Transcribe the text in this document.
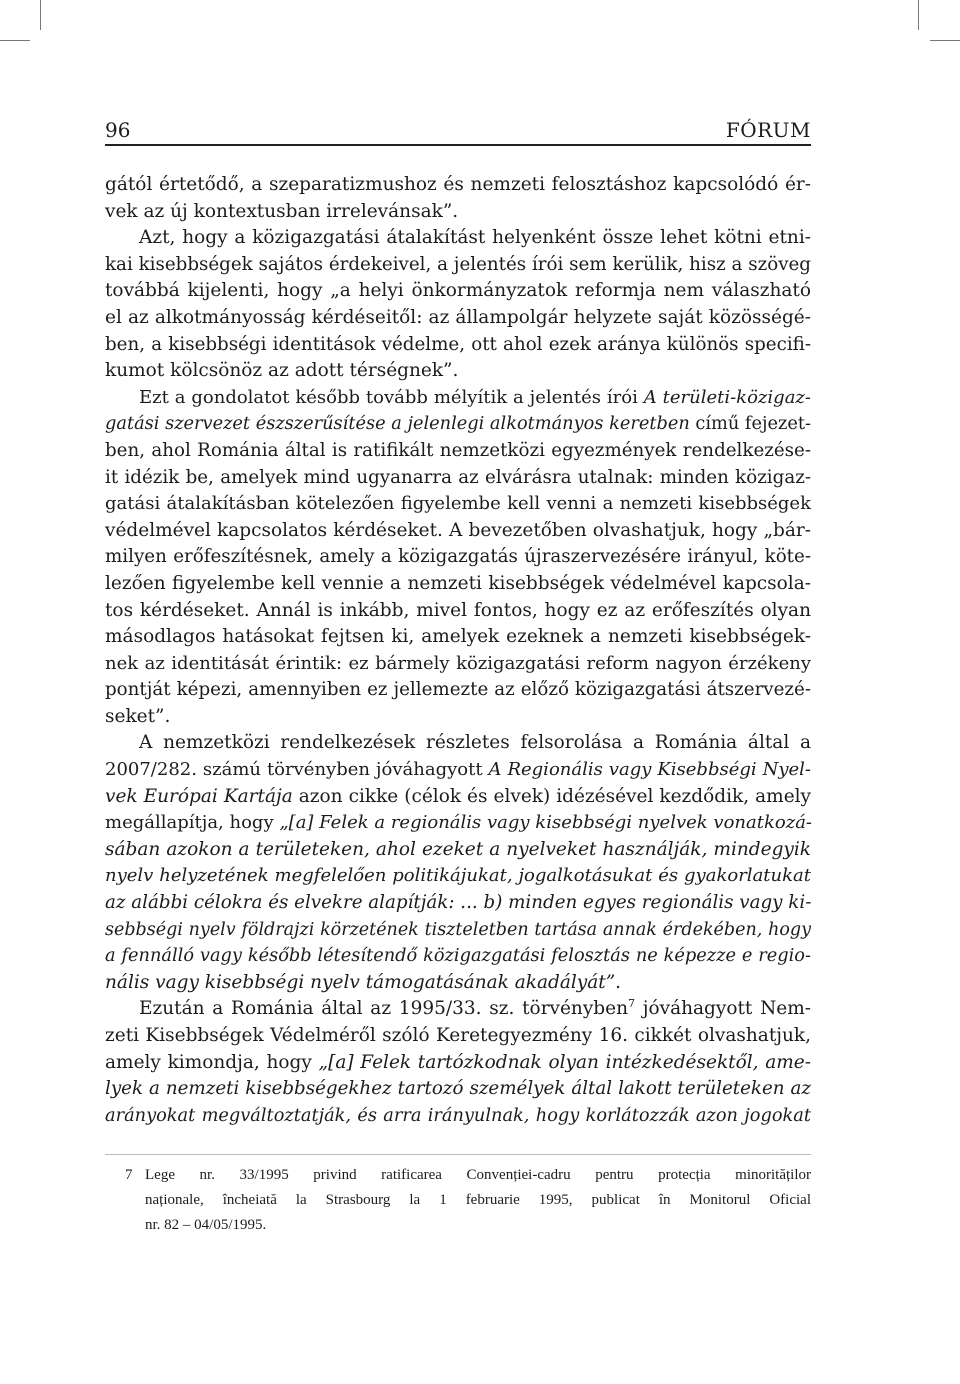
96	FÓRUM
gától értetődő, a szeparatizmushoz és nemzeti felosztáshoz kapcsolódó ér-
vek az új kontextusban irrelevánsak”.
Azt, hogy a közigazgatási átalakítást helyenként össze lehet kötni etni-
kai kisebbségek sajátos érdekeivel, a jelentés írói sem kerülik, hisz a szöveg
továbbá kijelenti, hogy „a helyi önkormányzatok reformja nem válaszható
el az alkotmányosság kérdéseitől: az állampolgár helyzete saját közösségé-
ben, a kisebbségi identitások védelme, ott ahol ezek aránya különös specifi-
kumot kölcsönöz az adott térségnek”.
Ezt a gondolatot később tovább mélyítik a jelentés írói A területi-közigaz-
gatási szervezet észszerűsítése a jelenlegi alkotmányos keretben című fejezet-
ben, ahol Románia által is ratifikált nemzetközi egyezmények rendelkezése-
it idézik be, amelyek mind ugyanarra az elvárásra utalnak: minden közigaz-
gatási átalakításban kötelezően figyelembe kell venni a nemzeti kisebbségek
védelmével kapcsolatos kérdéseket. A bevezetőben olvashatjuk, hogy „bár-
milyen erőfeszítésnek, amely a közigazgatás újraszervezésére irányul, köte-
lezően figyelembe kell vennie a nemzeti kisebbségek védelmével kapcsola-
tos kérdéseket. Annál is inkább, mivel fontos, hogy ez az erőfeszítés olyan
másodlagos hatásokat fejtsen ki, amelyek ezeknek a nemzeti kisebbségek-
nek az identitását érintik: ez bármely közigazgatási reform nagyon érzékeny
pontját képezi, amennyiben ez jellemezte az előző közigazgatási átszervezé-
seket”.
A nemzetközi rendelkezések részletes felsorolása a Románia által a
2007/282. számú törvényben jóváhagyott A Regionális vagy Kisebbségi Nyel-
vek Európai Kartája azon cikke (célok és elvek) idézésével kezdődik, amely
megállapítja, hogy „[a] Felek a regionális vagy kisebbségi nyelvek vonatkozá-
sában azokon a területeken, ahol ezeket a nyelveket használják, mindegyik
nyelv helyzetének megfelelően politikájukat, jogalkotásukat és gyakorlatukat
az alábbi célokra és elvekre alapítják: ... b) minden egyes regionális vagy ki-
sebbségi nyelv földrajzi körzetének tiszteletben tartása annak érdekében, hogy
a fennálló vagy később létesítendő közigazgatási felosztás ne képezze e regio-
nális vagy kisebbségi nyelv támogatásának akadályát”.
Ezután a Románia által az 1995/33. sz. törvényben$^7$ jóváhagyott Nem-
zeti Kisebbségek Védelméről szóló Keretegyezmény 16. cikkét olvashatjuk,
amely kimondja, hogy „[a] Felek tartózkodnak olyan intézkedésektől, ame-
lyek a nemzeti kisebbségekhez tartozó személyek által lakott területeken az
arányokat megváltoztatják, és arra irányulnak, hogy korlátozzák azon jogokat
7 Lege nr. 33/1995 privind ratificarea Convenției-cadru pentru protecția minorităților
naționale, încheiată la Strasbourg la 1 februarie 1995, publicat în Monitorul Oficial
nr. 82 – 04/05/1995.
